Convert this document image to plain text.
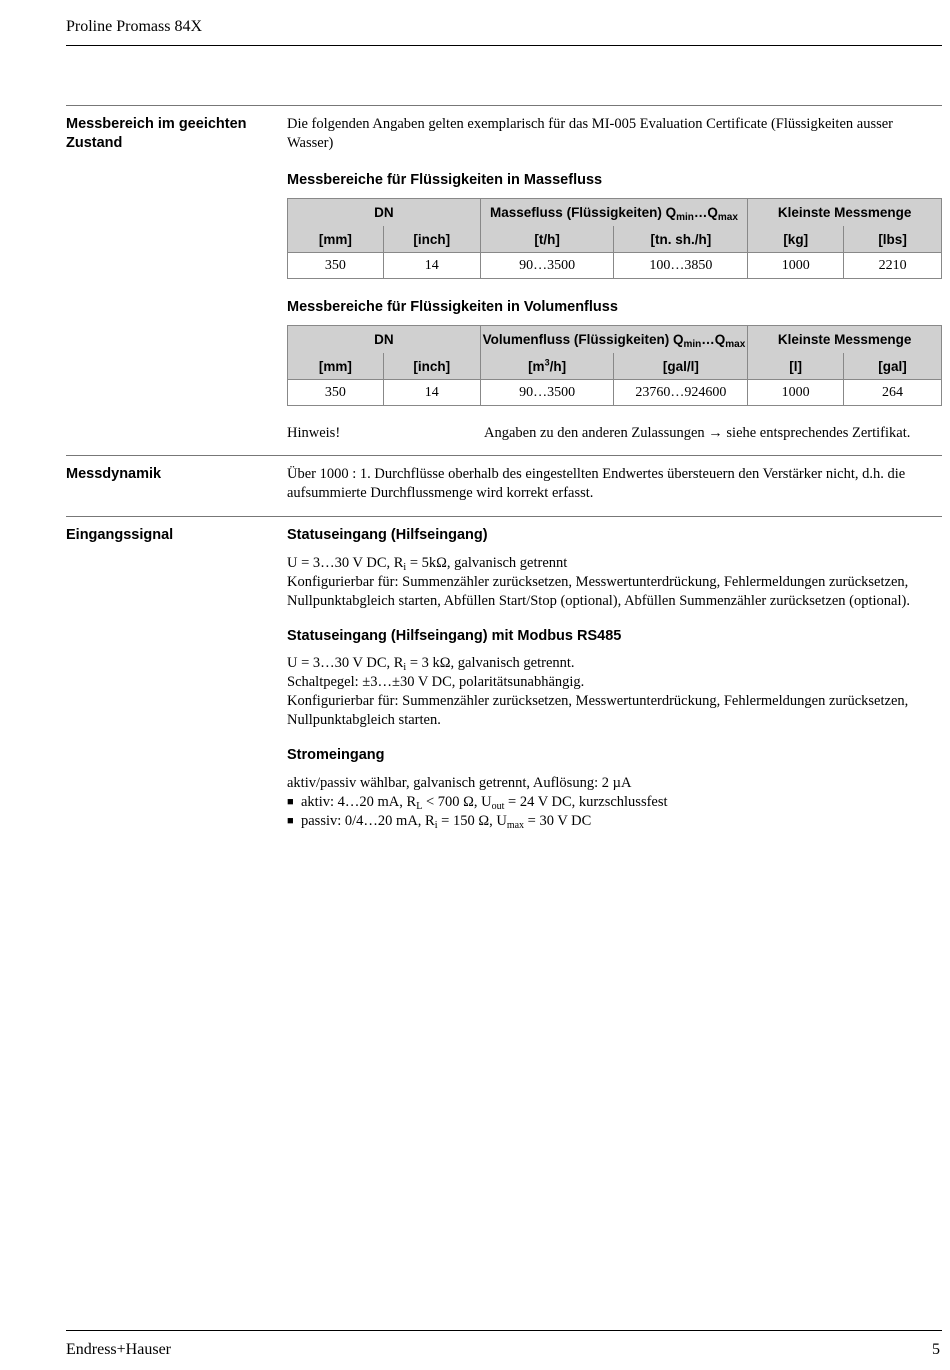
Proline Promass 84X
Messbereich im geeichten Zustand
Die folgenden Angaben gelten exemplarisch für das MI-005 Evaluation Certificate (Flüssigkeiten ausser Wasser)
Messbereiche für Flüssigkeiten in Massefluss
DN		Massefluss (Flüssigkeiten) $Q_{min}\dots Q_{max}$		Kleinste Messmenge	
[mm]	[inch]	[t/h]	[tn. sh./h]	[kg]	[lbs]
350	14	90…3500	100…3850	1000	2210
Messbereiche für Flüssigkeiten in Volumenfluss
DN		Volumenfluss (Flüssigkeiten) $Q_{min}\dots Q_{max}$		Kleinste Messmenge	
[mm]	[inch]	$[m^3/h]$	[gal/l]	[l]	[gal]
350	14	90…3500	23760…924600	1000	264
Hinweis!	Angaben zu den anderen Zulassungen → siehe entsprechendes Zertifikat.
Messdynamik	Über 1000 : 1. Durchflüsse oberhalb des eingestellten Endwertes übersteuern den Verstärker nicht, d.h. die aufsummierte Durchflussmenge wird korrekt erfasst.
Eingangssignal	Statuseingang (Hilfseingang)
U = 3…30 V DC, $R_i = 5k\Omega$, galvanisch getrennt
Konfigurierbar für: Summenzähler zurücksetzen, Messwertunterdrückung, Fehlermeldungen zurücksetzen, Nullpunktabgleich starten, Abfüllen Start/Stop (optional), Abfüllen Summenzähler zurücksetzen (optional).
Statuseingang (Hilfseingang) mit Modbus RS485
U = 3…30 V DC, $R_i = 3$ kΩ, galvanisch getrennt.
Schaltpegel: ±3…±30 V DC, polaritätsunabhängig.
Konfigurierbar für: Summenzähler zurücksetzen, Messwertunterdrückung, Fehlermeldungen zurücksetzen, Nullpunktabgleich starten.
Stromeingang
aktiv/passiv wählbar, galvanisch getrennt, Auflösung: 2 µA
■ aktiv: 4…20 mA, $R_L < 700$ Ω, $U_{out} = 24$ V DC, kurzschlussfest
■ passiv: 0/4…20 mA, $R_i = 150$ Ω, $U_{max} = 30$ V DC
Endress+Hauser	5
